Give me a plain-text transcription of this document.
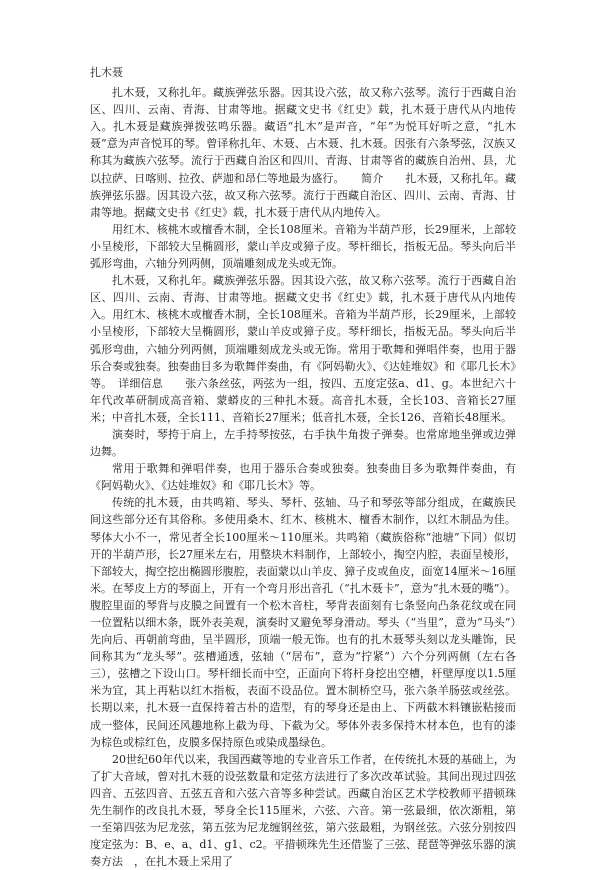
扎木聂

扎木聂，又称扎年。藏族弹弦乐器。因其设六弦，故又称六弦琴。流行于西藏自治区、四川、云南、青海、甘肃等地。据藏文史书《红史》载，扎木聂于唐代从内地传入。扎木聂是藏族弹拨弦鸣乐器。藏语“扎木”是声音，“年”为悦耳好听之意，“扎木聂”意为声音悦耳的琴。曾译称扎年、木聂、占木聂、扎木聂。因张有六条琴弦，汉族又称其为藏族六弦琴。流行于西藏自治区和四川、青海、甘肃等省的藏族自治州、县，尤以拉萨、日喀则、拉孜、萨迦和昂仁等地最为盛行。　　简介　　扎木聂，又称扎年。藏族弹弦乐器。因其设六弦，故又称六弦琴。流行于西藏自治区、四川、云南、青海、甘肃等地。据藏文史书《红史》载，扎木聂于唐代从内地传入。

用红木、核桃木或檀香木制，全长108厘米。音箱为半葫芦形，长29厘米，上部较小呈棱形，下部较大呈椭圆形，蒙山羊皮或獐子皮。琴杆细长，指板无品。琴头向后半弧形弯曲，六轴分列两侧，顶端雕刻成龙头或无饰。

扎木聂，又称扎年。藏族弹弦乐器。因其设六弦，故又称六弦琴。流行于西藏自治区、四川、云南、青海、甘肃等地。据藏文史书《红史》载，扎木聂于唐代从内地传入。用红木、核桃木或檀香木制，全长108厘米。音箱为半葫芦形，长29厘米，上部较小呈棱形，下部较大呈椭圆形，蒙山羊皮或獐子皮。琴杆细长，指板无品。琴头向后半弧形弯曲，六轴分列两侧，顶端雕刻成龙头或无饰。常用于歌舞和弹唱伴奏，也用于器乐合奏或独奏。独奏曲目多为歌舞伴奏曲，有《阿妈勒火》、《达娃堆奴》和《耶几长木》等。　详细信息　　张六条丝弦，两弦为一组，按四、五度定弦a、d1、g。本世纪六十年代改革研制成高音箱、蒙蟒皮的三种扎木聂。高音扎木聂，全长103、音箱长27厘米；中音扎木聂，全长111、音箱长27厘米；低音扎木聂，全长126、音箱长48厘米。

演奏时，琴挎于肩上，左手持琴按弦，右手执牛角拨子弹奏。也常席地坐弹或边弹边舞。

常用于歌舞和弹唱伴奏，也用于器乐合奏或独奏。独奏曲目多为歌舞伴奏曲，有《阿妈勒火》、《达娃堆奴》和《耶几长木》等。

传统的扎木聂，由共鸣箱、琴头、琴杆、弦轴、马子和琴弦等部分组成，在藏族民间这些部分还有其俗称。多使用桑木、红木、核桃木、檀香木制作，以红木制品为佳。琴体大小不一，常见者全长100厘米～110厘米。共鸣箱（藏族俗称“池塘”下同）似切开的半葫芦形，长27厘米左右，用整块木料制作，上部较小，掏空内腔，表面呈棱形，下部较大，掏空挖出椭圆形腹腔，表面蒙以山羊皮、獐子皮或鱼皮，面宽14厘米～16厘米。在琴皮上方的琴面上，开有一个弯月形出音孔（“扎木聂卡”，意为“扎木聂的嘴”）。腹腔里面的琴背与皮膜之间置有一个松木音柱，琴背表面刻有七条竖向凸条花纹或在同一位置粘以细木条，既外表美观，演奏时又避免琴身滑动。琴头（“当里”，意为“马头”）先向后、再朝前弯曲，呈半圆形，顶端一般无饰。也有的扎木聂琴头刻以龙头雕饰，民间称其为“龙头琴”。弦槽通透，弦轴（“居布”，意为“拧紧”）六个分列两侧（左右各三），弦槽之下设山口。琴杆细长而中空，正面向下将杆身挖出空槽，杆壁厚度以1.5厘米为宜，其上再粘以红木指板，表面不设品位。置木制桥空马，张六条羊肠弦或丝弦。长期以来，扎木聂一直保持着古朴的造型，有的琴身还是由上、下两截木料镶嵌粘接而成一整体，民间还风趣地称上截为母、下截为父。琴体外表多保持木材本色，也有的漆为棕色或棕红色，皮膜多保持原色或染成墨绿色。

20世纪60年代以来，我国西藏等地的专业音乐工作者，在传统扎木聂的基础上，为了扩大音域，曾对扎木聂的设弦数量和定弦方法进行了多次改革试验。其间出现过四弦四音、五弦四音、五弦五音和六弦六音等多种尝试。西藏自治区艺术学校教师平措顿珠先生制作的改良扎木聂，琴身全长115厘米，六弦、六音。第一弦最细，依次渐粗，第一至第四弦为尼龙弦，第五弦为尼龙缠钢丝弦，第六弦最粗，为钢丝弦。六弦分别按四度定弦为：B、e、a、d1、g1、c2。平措顿珠先生还借鉴了三弦、琵琶等弹弦乐器的演奏方法　，在扎木聂上采用了
